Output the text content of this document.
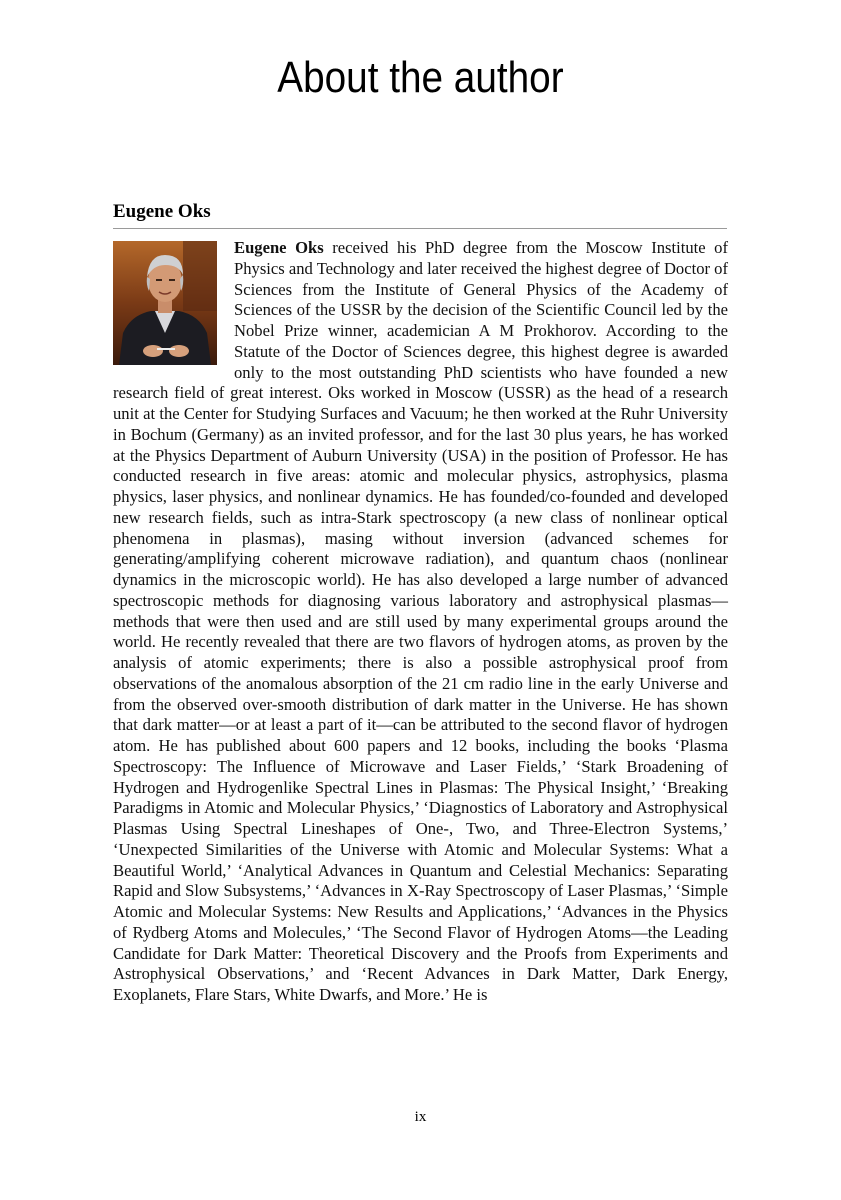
About the author
Eugene Oks
Eugene Oks received his PhD degree from the Moscow Institute of Physics and Technology and later received the highest degree of Doctor of Sciences from the Institute of General Physics of the Academy of Sciences of the USSR by the decision of the Scientific Council led by the Nobel Prize winner, academician A M Prokhorov. According to the Statute of the Doctor of Sciences degree, this highest degree is awarded only to the most outstanding PhD scientists who have founded a new research field of great interest. Oks worked in Moscow (USSR) as the head of a research unit at the Center for Studying Surfaces and Vacuum; he then worked at the Ruhr University in Bochum (Germany) as an invited professor, and for the last 30 plus years, he has worked at the Physics Department of Auburn University (USA) in the position of Professor. He has conducted research in five areas: atomic and molecular physics, astrophysics, plasma physics, laser physics, and nonlinear dynamics. He has founded/co-founded and developed new research fields, such as intra-Stark spectroscopy (a new class of nonlinear optical phenomena in plasmas), masing without inversion (advanced schemes for generating/amplifying coherent microwave radiation), and quantum chaos (nonlinear dynamics in the microscopic world). He has also developed a large number of advanced spectroscopic methods for diagnosing various laboratory and astrophysical plasmas—methods that were then used and are still used by many experimental groups around the world. He recently revealed that there are two flavors of hydrogen atoms, as proven by the analysis of atomic experiments; there is also a possible astrophysical proof from observations of the anomalous absorption of the 21 cm radio line in the early Universe and from the observed over-smooth distribution of dark matter in the Universe. He has shown that dark matter—or at least a part of it—can be attributed to the second flavor of hydrogen atom. He has published about 600 papers and 12 books, including the books ‘Plasma Spectroscopy: The Influence of Microwave and Laser Fields,’ ‘Stark Broadening of Hydrogen and Hydrogenlike Spectral Lines in Plasmas: The Physical Insight,’ ‘Breaking Paradigms in Atomic and Molecular Physics,’ ‘Diagnostics of Laboratory and Astrophysical Plasmas Using Spectral Lineshapes of One-, Two, and Three-Electron Systems,’ ‘Unexpected Similarities of the Universe with Atomic and Molecular Systems: What a Beautiful World,’ ‘Analytical Advances in Quantum and Celestial Mechanics: Separating Rapid and Slow Subsystems,’ ‘Advances in X-Ray Spectroscopy of Laser Plasmas,’ ‘Simple Atomic and Molecular Systems: New Results and Applications,’ ‘Advances in the Physics of Rydberg Atoms and Molecules,’ ‘The Second Flavor of Hydrogen Atoms—the Leading Candidate for Dark Matter: Theoretical Discovery and the Proofs from Experiments and Astrophysical Observations,’ and ‘Recent Advances in Dark Matter, Dark Energy, Exoplanets, Flare Stars, White Dwarfs, and More.’ He is
ix
